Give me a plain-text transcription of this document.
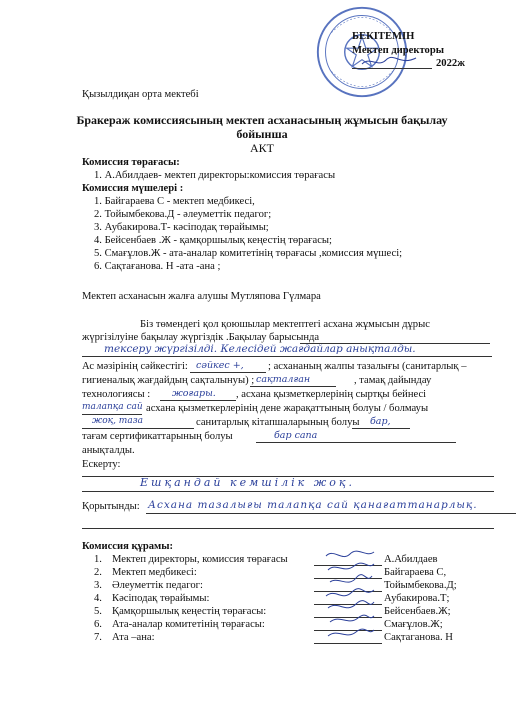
БЕКІТЕМІН
Мектеп директоры
2022ж
Қызылдиқан орта мектебі
Бракераж комиссиясының мектеп асханасының жұмысын бақылау
бойынша
АКТ
Комиссия төрағасы:
1. А.Абилдаев- мектеп директоры:комиссия төрағасы
Комиссия мүшелері :
1. Байгараева С - мектеп медбикесі,
2. Тойымбекова.Д - әлеуметтік педагог;
3. Аубакирова.Т- кәсіподақ төрайымы;
4. Бейсенбаев .Ж - қамқоршылық кеңестің төрағасы;
5. Смағұлов.Ж - ата-аналар комитетінің төрағасы ,комиссия мүшесі;
6. Сақтағанова. Н -ата -ана ;
Мектеп асханасын жалға алушы Мутляпова Гүлмара
Біз төмендегі қол қоюшылар мектептегі асхана жұмысын дұрыс
жүргізілуіне бақылау жүргіздік .Бақылау барысында
тексеру жүргізілді. Келесідей жағдайлар анықталды.
Ас мәзірінің сәйкестігі: сәйкес +, ; асхананың жалпы тазалығы (санитарлық –
гигиеналық жағдайдың сақталынуы) ; сақталған	, тамақ дайындау
технологиясы : жоғары. , асхана қызметкерлерінің сыртқы бейнесі
талапқа сай асхана қызметкерлерінің дене жарақаттының болуы / болмауы
жоқ, таза	санитарлық кітапшаларының болуы бар,
тағам сертификаттарының болуы	бар сапа
анықталды.
Ескерту:
Ешқандай кемшілік жоқ.
Қорытынды: Асхана тазалығы талапқа сай қанағаттанарлық.
Комиссия құрамы:
1. Мектеп директоры, комиссия төрағасы	А.Абилдаев
2. Мектеп медбикесі:	Байгараева С,
3. Әлеуметтік педагог:	Тойымбекова.Д;
4. Кәсіподақ төрайымы:	Аубакирова.Т;
5. Қамқоршылық кеңестің төрағасы:	Бейсенбаев.Ж;
6. Ата-аналар комитетінің төрағасы:	Смағұлов.Ж;
7. Ата –ана:	Сақтаганова. Н
